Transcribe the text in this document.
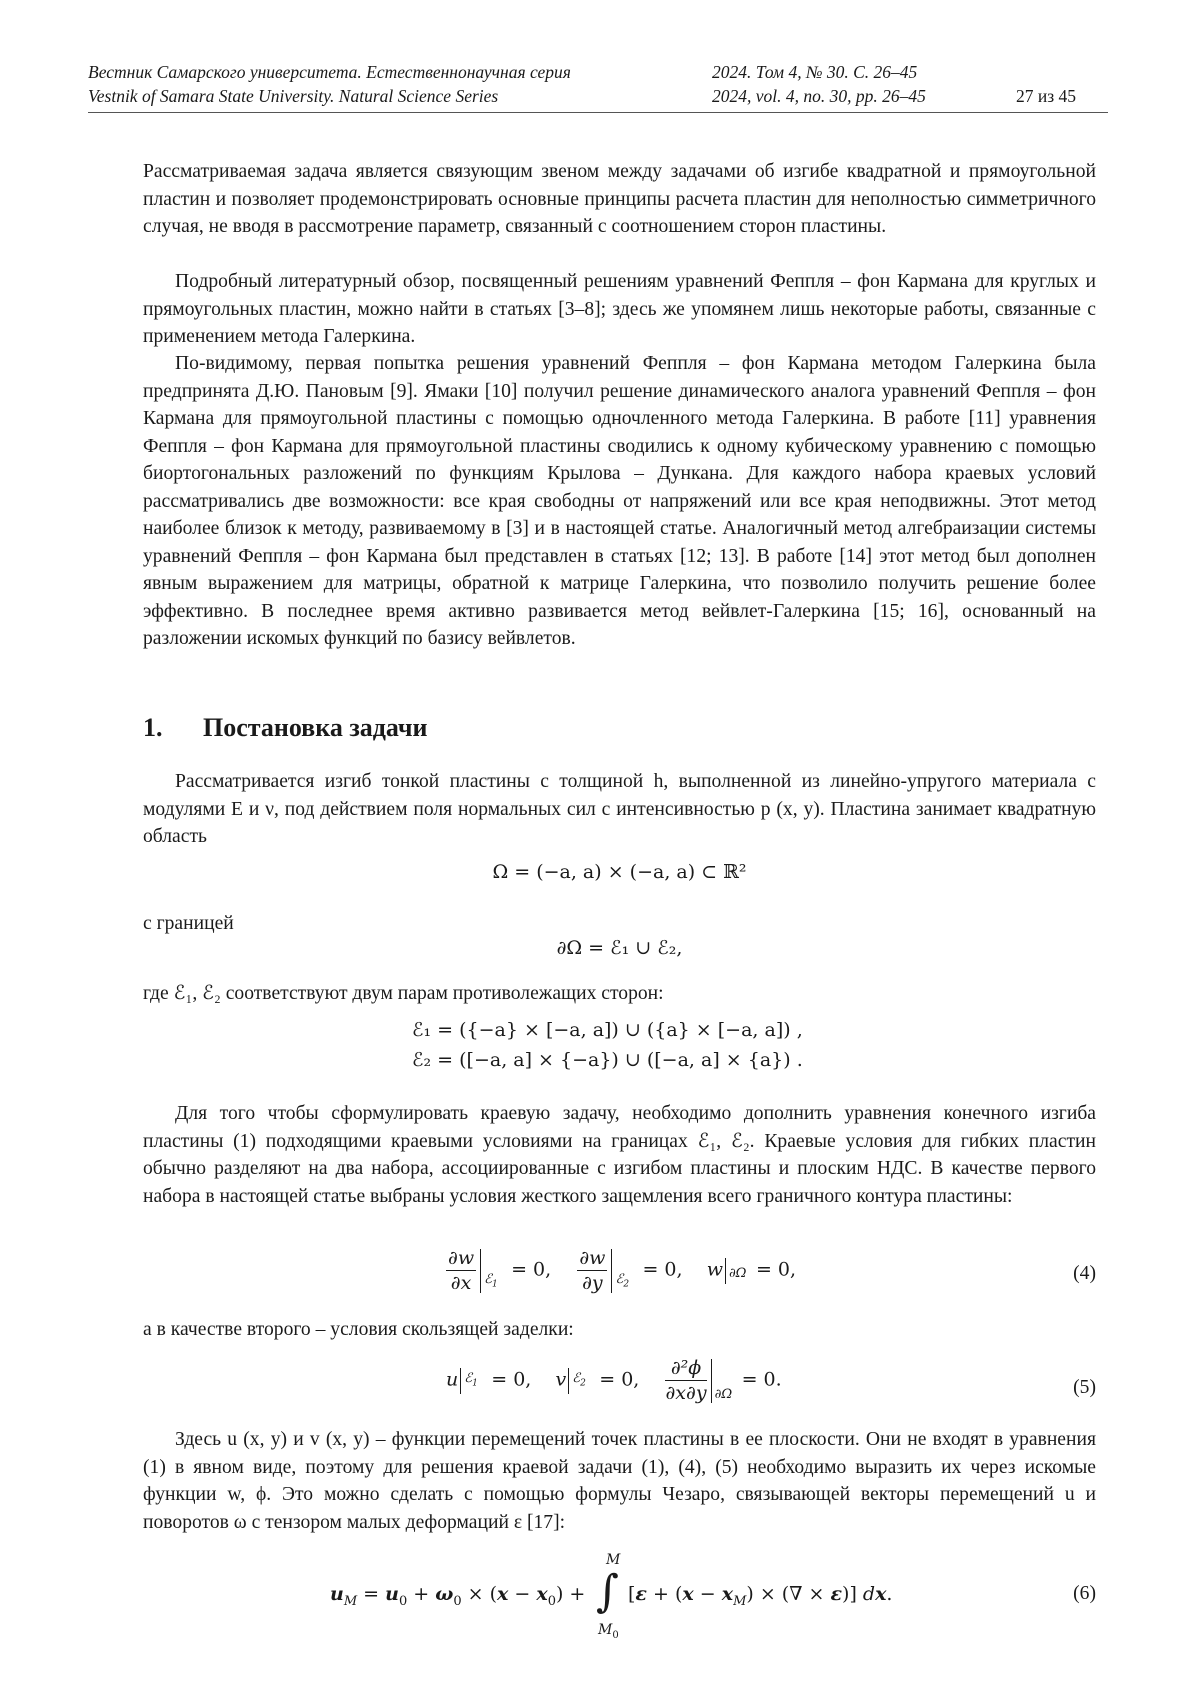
Вестник Самарского университета. Естественнонаучная серия	2024. Том 4, № 30. С. 26–45
Vestnik of Samara State University. Natural Science Series	2024, vol. 4, no. 30, pp. 26–45	27 из 45

Рассматриваемая задача является связующим звеном между задачами об изгибе квадратной и прямоугольной пластин и позволяет продемонстрировать основные принципы расчета пластин для неполностью симметричного случая, не вводя в рассмотрение параметр, связанный с соотношением сторон пластины.

Подробный литературный обзор, посвященный решениям уравнений Феппля – фон Кармана для круглых и прямоугольных пластин, можно найти в статьях [3–8]; здесь же упомянем лишь некоторые работы, связанные с применением метода Галеркина.

По-видимому, первая попытка решения уравнений Феппля – фон Кармана методом Галеркина была предпринята Д.Ю. Пановым [9]. Ямаки [10] получил решение динамического аналога уравнений Феппля – фон Кармана для прямоугольной пластины с помощью одночленного метода Галеркина. В работе [11] уравнения Феппля – фон Кармана для прямоугольной пластины сводились к одному кубическому уравнению с помощью биортогональных разложений по функциям Крылова – Дункана. Для каждого набора краевых условий рассматривались две возможности: все края свободны от напряжений или все края неподвижны. Этот метод наиболее близок к методу, развиваемому в [3] и в настоящей статье. Аналогичный метод алгебраизации системы уравнений Феппля – фон Кармана был представлен в статьях [12; 13]. В работе [14] этот метод был дополнен явным выражением для матрицы, обратной к матрице Галеркина, что позволило получить решение более эффективно. В последнее время активно развивается метод вейвлет-Галеркина [15; 16], основанный на разложении искомых функций по базису вейвлетов.

1. Постановка задачи

Рассматривается изгиб тонкой пластины с толщиной h, выполненной из линейно-упругого материала с модулями E и ν, под действием поля нормальных сил с интенсивностью p (x, y). Пластина занимает квадратную область

Ω = (−a, a) × (−a, a) ⊂ ℝ²

с границей

∂Ω = ℰ₁ ∪ ℰ₂,

где ℰ₁, ℰ₂ соответствуют двум парам противолежащих сторон:

ℰ₁ = ({−a} × [−a, a]) ∪ ({a} × [−a, a]) ,
ℰ₂ = ([−a, a] × {−a}) ∪ ([−a, a] × {a}) .

Для того чтобы сформулировать краевую задачу, необходимо дополнить уравнения конечного изгиба пластины (1) подходящими краевыми условиями на границах ℰ₁, ℰ₂. Краевые условия для гибких пластин обычно разделяют на два набора, ассоциированные с изгибом пластины и плоским НДС. В качестве первого набора в настоящей статье выбраны условия жесткого защемления всего граничного контура пластины:

$\frac{\partial w}{\partial x}$ ℰ$_1$
= 0, $\frac{\partial w}{\partial y}$ ℰ$_2$
= 0,    w ∂Ω = 0,	(4)

а в качестве второго – условия скользящей заделки:

u ℰ$_1$ = 0,    v ℰ$_2$ = 0, $\frac{\text{∂²ϕ}}{\partial x\partial y} \partial\Omega$
= 0.	(5)

Здесь u (x, y) и v (x, y) – функции перемещений точек пластины в ее плоскости. Они не входят в уравнения (1) в явном виде, поэтому для решения краевой задачи (1), (4), (5) необходимо выразить их через искомые функции w, ϕ. Это можно сделать с помощью формулы Чезаро, связывающей векторы перемещений u и поворотов ω с тензором малых деформаций ε [17]:

M
∫
$M_0$
$u_M = u_0 + \omega_0 \times (x - x_0) + [\varepsilon + (x - x_M)$ × (∇ × ε)] dx.	(6)
